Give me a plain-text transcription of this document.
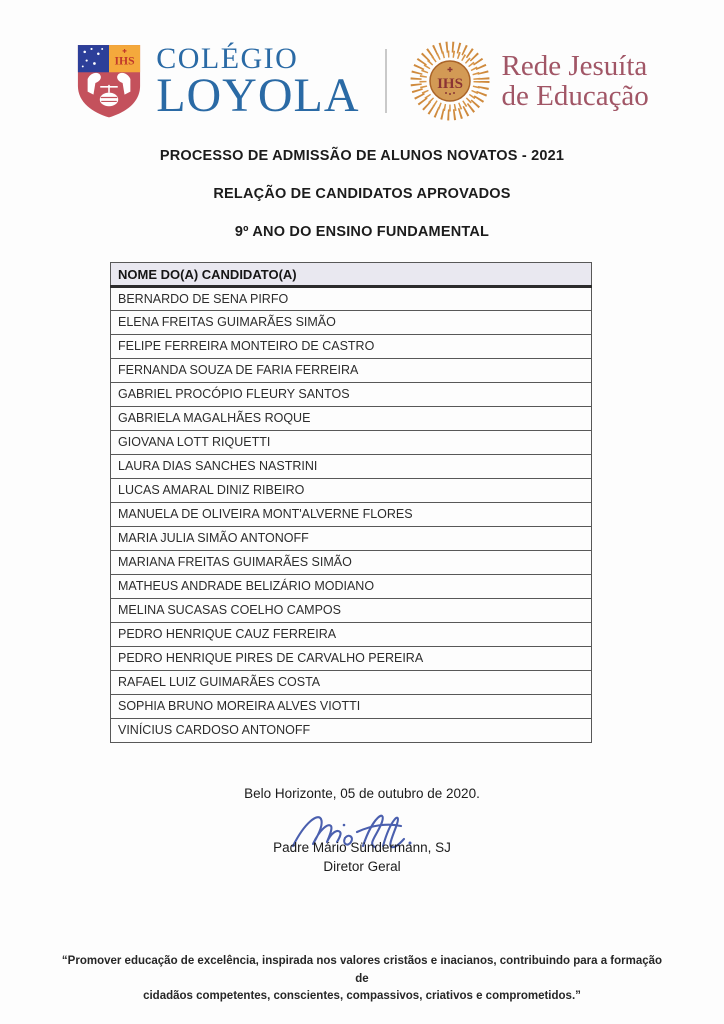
IHS COLÉGIO
LOYOLA	IHS
Rede Jesuíta
de Educação
PROCESSO DE ADMISSÃO DE ALUNOS NOVATOS - 2021
RELAÇÃO DE CANDIDATOS APROVADOS
9º ANO DO ENSINO FUNDAMENTAL
NOME DO(A) CANDIDATO(A)
BERNARDO DE SENA PIRFO
ELENA FREITAS GUIMARÃES SIMÃO
FELIPE FERREIRA MONTEIRO DE CASTRO
FERNANDA SOUZA DE FARIA FERREIRA
GABRIEL PROCÓPIO FLEURY SANTOS
GABRIELA MAGALHÃES ROQUE
GIOVANA LOTT RIQUETTI
LAURA DIAS SANCHES NASTRINI
LUCAS AMARAL DINIZ RIBEIRO
MANUELA DE OLIVEIRA MONT'ALVERNE FLORES
MARIA JULIA SIMÃO ANTONOFF
MARIANA FREITAS GUIMARÃES SIMÃO
MATHEUS ANDRADE BELIZÁRIO MODIANO
MELINA SUCASAS COELHO CAMPOS
PEDRO HENRIQUE CAUZ FERREIRA
PEDRO HENRIQUE PIRES DE CARVALHO PEREIRA
RAFAEL LUIZ GUIMARÃES COSTA
SOPHIA BRUNO MOREIRA ALVES VIOTTI
VINÍCIUS CARDOSO ANTONOFF
Belo Horizonte, 05 de outubro de 2020.
Padre Mário Sündermann, SJ
Diretor Geral
“Promover educação de excelência, inspirada nos valores cristãos e inacianos, contribuindo para a formação de
cidadãos competentes, conscientes, compassivos, criativos e comprometidos.”
